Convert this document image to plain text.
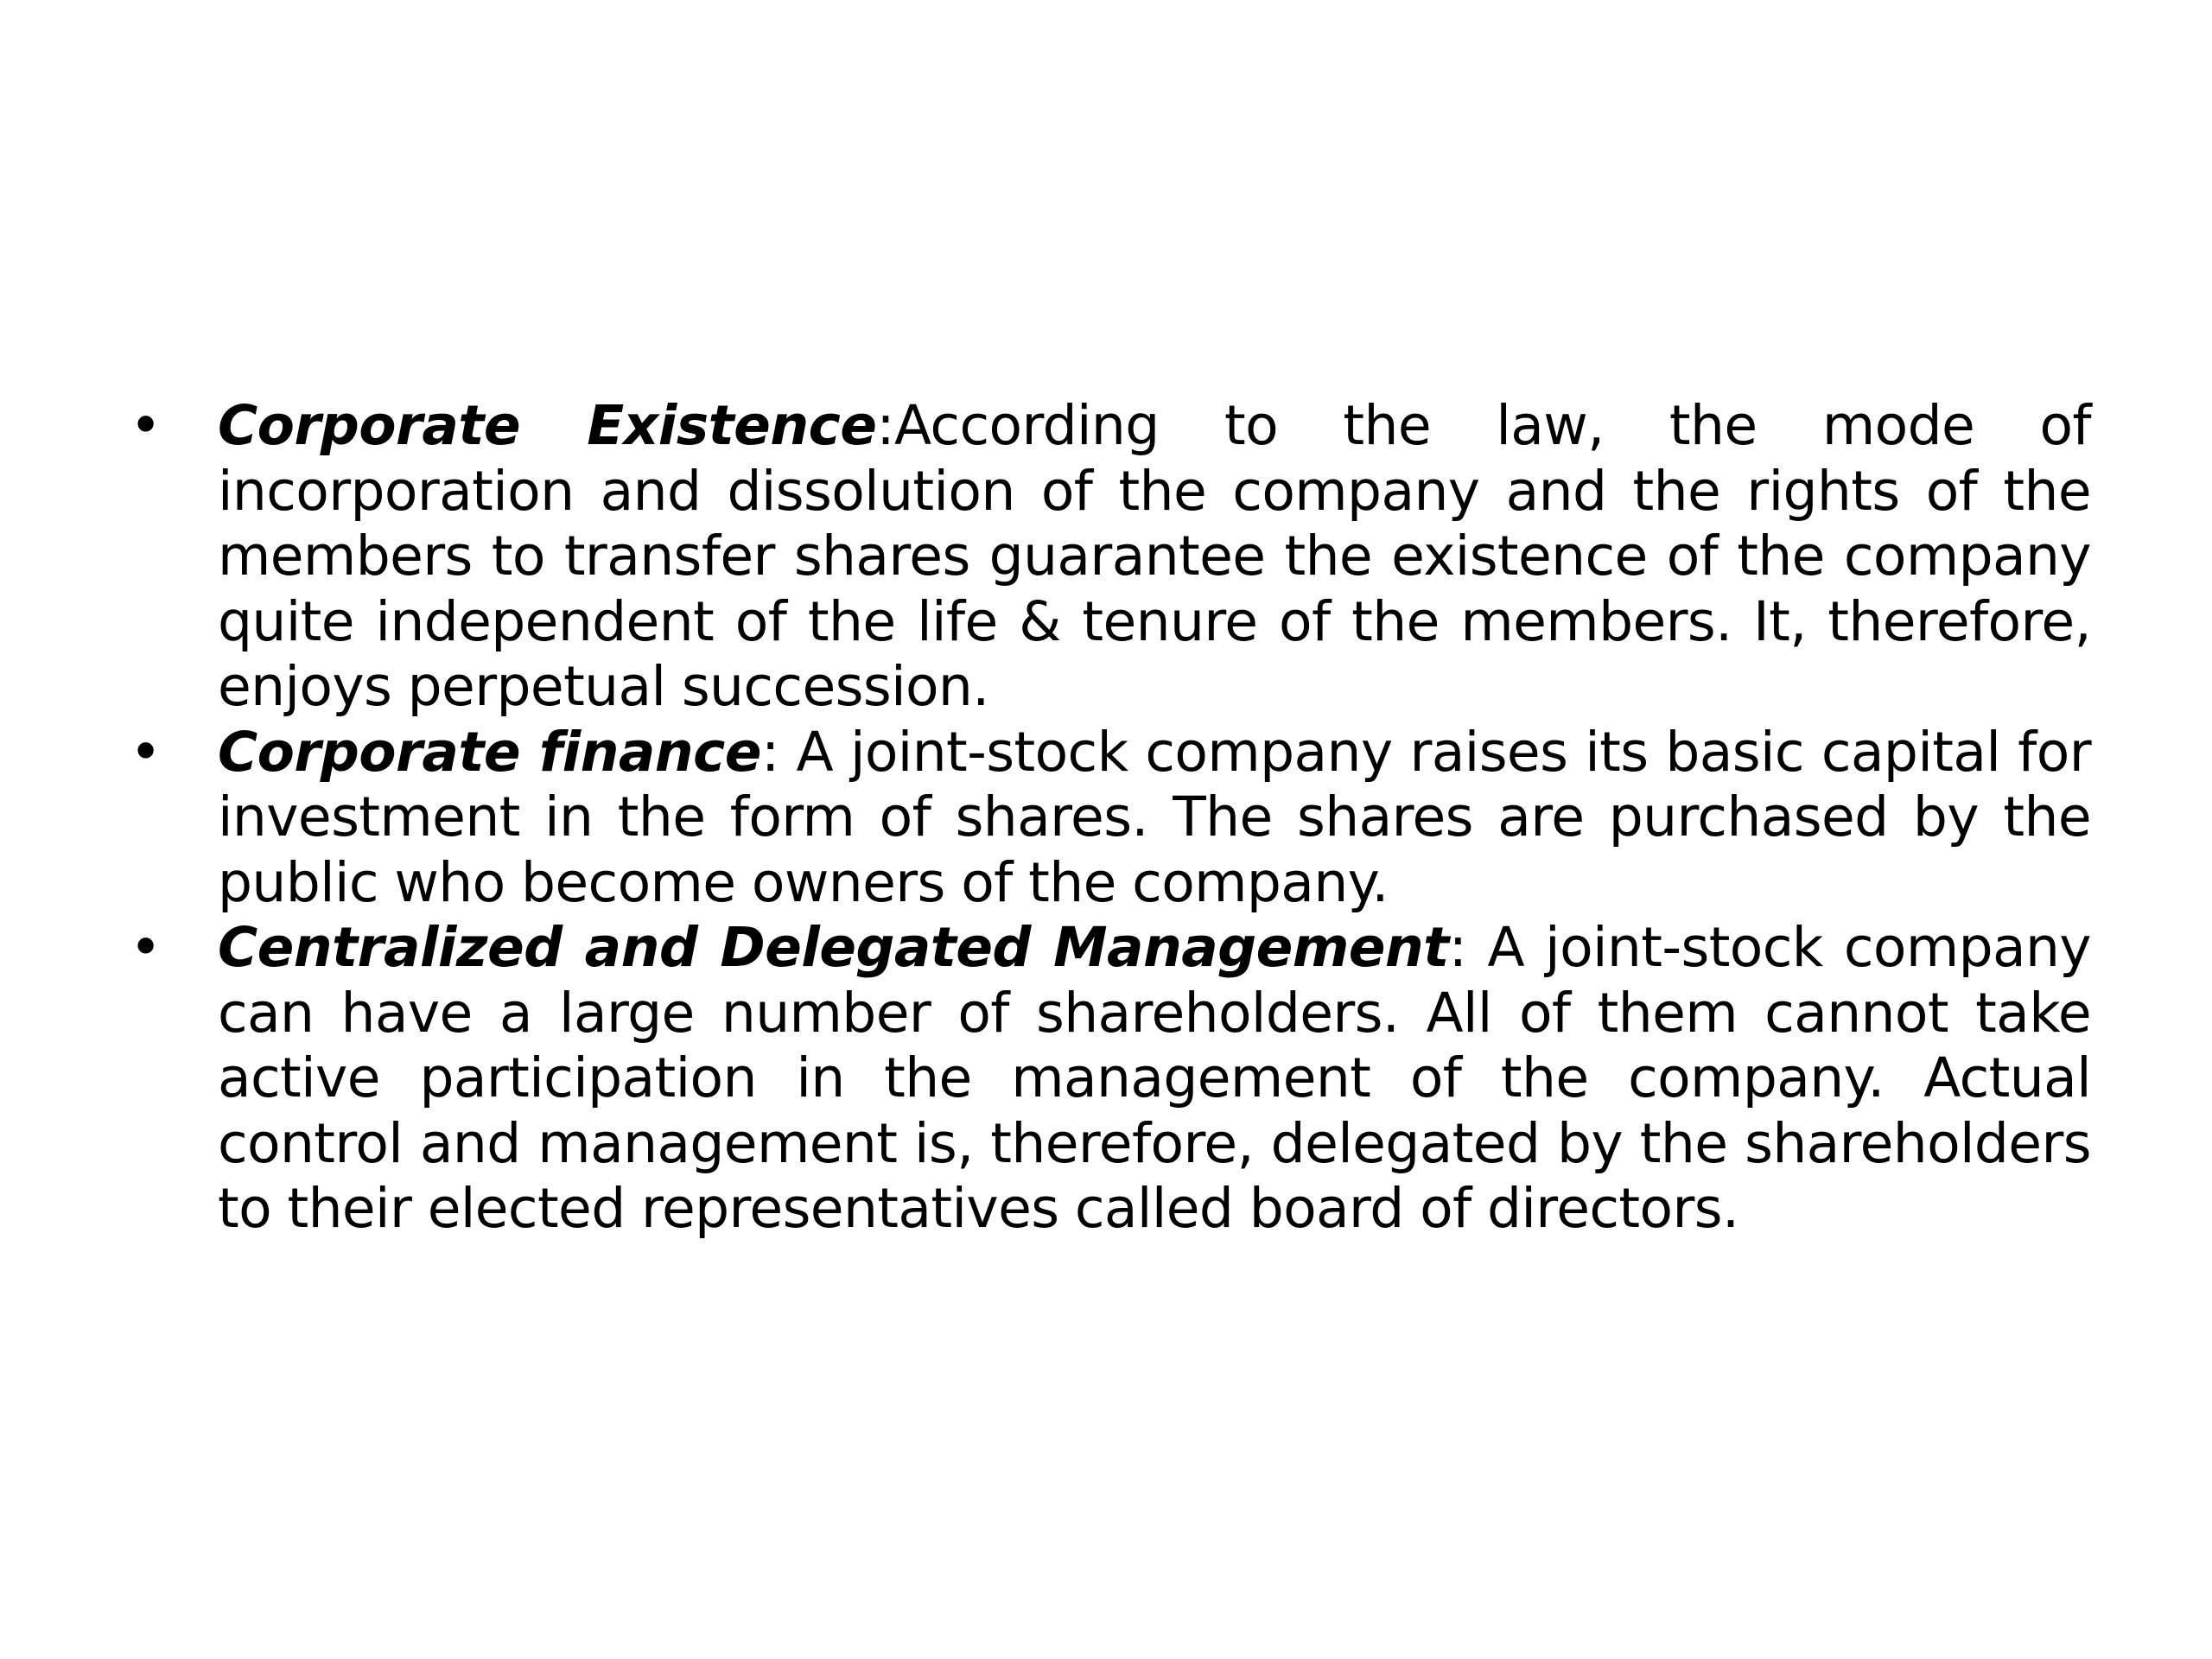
•	Corporate Existence:According to the law, the mode of incorporation and dissolution of the company and the rights of the members to transfer shares guarantee the existence of the company quite independent of the life & tenure of the members. It, therefore, enjoys perpetual succession.
•	Corporate finance: A joint-stock company raises its basic capital for investment in the form of shares. The shares are purchased by the public who become owners of the company.
•	Centralized and Delegated Management: A joint-stock company can have a large number of shareholders. All of them cannot take active participation in the management of the company. Actual control and management is, therefore, delegated by the shareholders to their elected representatives called board of directors.
